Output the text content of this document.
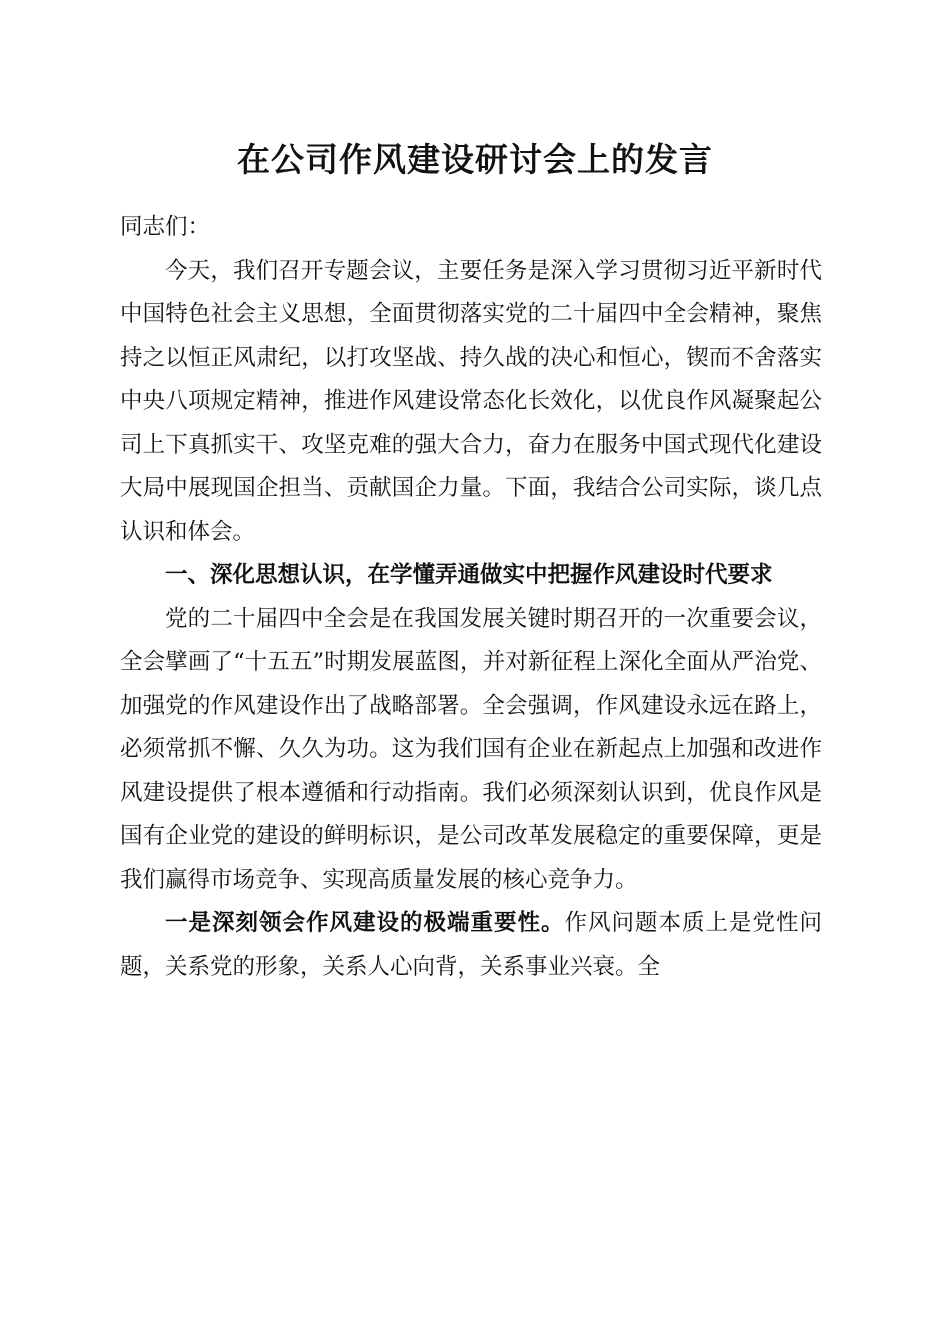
在公司作风建设研讨会上的发言

同志们：

今天，我们召开专题会议，主要任务是深入学习贯彻习近平新时代中国特色社会主义思想，全面贯彻落实党的二十届四中全会精神，聚焦持之以恒正风肃纪，以打攻坚战、持久战的决心和恒心，锲而不舍落实中央八项规定精神，推进作风建设常态化长效化，以优良作风凝聚起公司上下真抓实干、攻坚克难的强大合力，奋力在服务中国式现代化建设大局中展现国企担当、贡献国企力量。下面，我结合公司实际，谈几点认识和体会。

一、深化思想认识，在学懂弄通做实中把握作风建设时代要求

党的二十届四中全会是在我国发展关键时期召开的一次重要会议，全会擘画了“十五五”时期发展蓝图，并对新征程上深化全面从严治党、加强党的作风建设作出了战略部署。全会强调，作风建设永远在路上，必须常抓不懈、久久为功。这为我们国有企业在新起点上加强和改进作风建设提供了根本遵循和行动指南。我们必须深刻认识到，优良作风是国有企业党的建设的鲜明标识，是公司改革发展稳定的重要保障，更是我们赢得市场竞争、实现高质量发展的核心竞争力。

一是深刻领会作风建设的极端重要性。作风问题本质上是党性问题，关系党的形象，关系人心向背，关系事业兴衰。全
